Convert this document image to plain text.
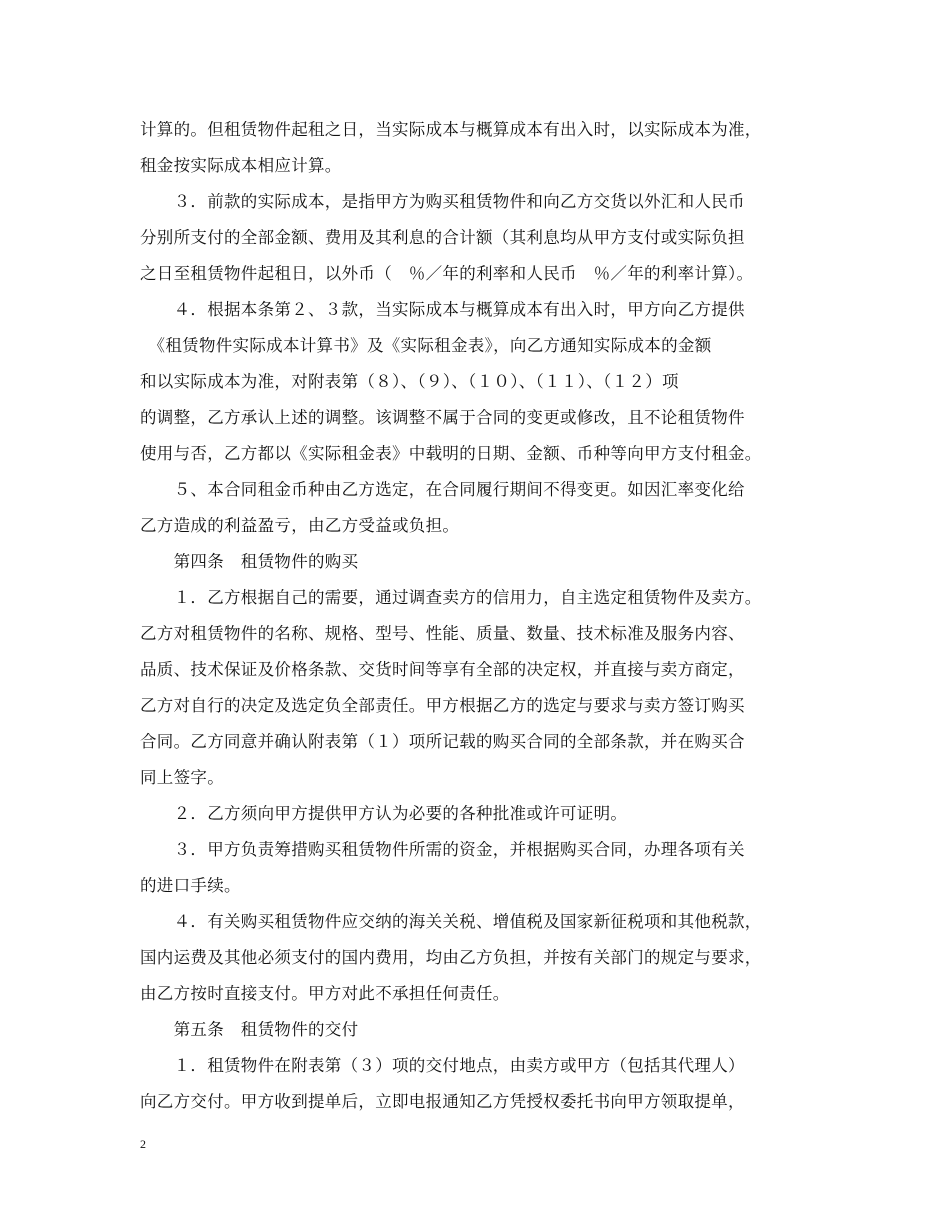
计算的。但租赁物件起租之日，当实际成本与概算成本有出入时，以实际成本为准，
租金按实际成本相应计算。
　　３．前款的实际成本，是指甲方为购买租赁物件和向乙方交货以外汇和人民币
分别所支付的全部金额、费用及其利息的合计额（其利息均从甲方支付或实际负担
之日至租赁物件起租日，以外币（　％／年的利率和人民币　％／年的利率计算）。
　　４．根据本条第２、３款，当实际成本与概算成本有出入时，甲方向乙方提供
　《租赁物件实际成本计算书》及《实际租金表》，向乙方通知实际成本的金额
和以实际成本为准，对附表第（８）、（９）、（１０）、（１１）、（１２）项
的调整，乙方承认上述的调整。该调整不属于合同的变更或修改，且不论租赁物件
使用与否，乙方都以《实际租金表》中载明的日期、金额、币种等向甲方支付租金。
　　５、本合同租金币种由乙方选定，在合同履行期间不得变更。如因汇率变化给
乙方造成的利益盈亏，由乙方受益或负担。
　　第四条　租赁物件的购买
　　１．乙方根据自己的需要，通过调查卖方的信用力，自主选定租赁物件及卖方。
乙方对租赁物件的名称、规格、型号、性能、质量、数量、技术标准及服务内容、
品质、技术保证及价格条款、交货时间等享有全部的决定权，并直接与卖方商定，
乙方对自行的决定及选定负全部责任。甲方根据乙方的选定与要求与卖方签订购买
合同。乙方同意并确认附表第（１）项所记载的购买合同的全部条款，并在购买合
同上签字。
　　２．乙方须向甲方提供甲方认为必要的各种批准或许可证明。
　　３．甲方负责筹措购买租赁物件所需的资金，并根据购买合同，办理各项有关
的进口手续。
　　４．有关购买租赁物件应交纳的海关关税、增值税及国家新征税项和其他税款，
国内运费及其他必须支付的国内费用，均由乙方负担，并按有关部门的规定与要求，
由乙方按时直接支付。甲方对此不承担任何责任。
　　第五条　租赁物件的交付
　　１．租赁物件在附表第（３）项的交付地点，由卖方或甲方（包括其代理人）
向乙方交付。甲方收到提单后，立即电报通知乙方凭授权委托书向甲方领取提单，
2
